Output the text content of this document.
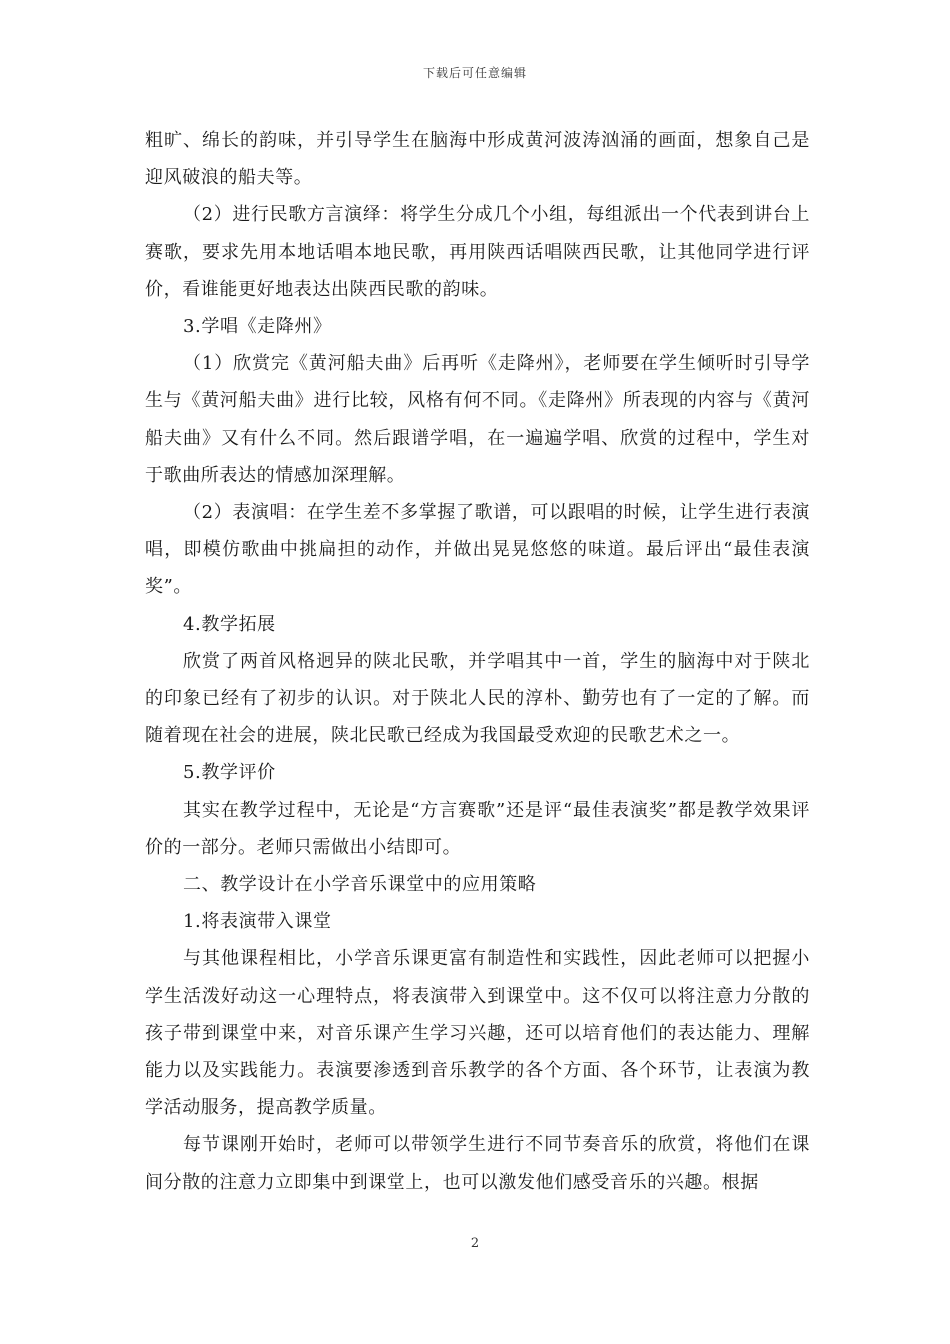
下载后可任意编辑

粗旷、绵长的韵味，并引导学生在脑海中形成黄河波涛汹涌的画面，想象自己是迎风破浪的船夫等。

（2）进行民歌方言演绎：将学生分成几个小组，每组派出一个代表到讲台上赛歌，要求先用本地话唱本地民歌，再用陕西话唱陕西民歌，让其他同学进行评价，看谁能更好地表达出陕西民歌的韵味。

3.学唱《走降州》

（1）欣赏完《黄河船夫曲》后再听《走降州》，老师要在学生倾听时引导学生与《黄河船夫曲》进行比较，风格有何不同。《走降州》所表现的内容与《黄河船夫曲》又有什么不同。然后跟谱学唱，在一遍遍学唱、欣赏的过程中，学生对于歌曲所表达的情感加深理解。

（2）表演唱：在学生差不多掌握了歌谱，可以跟唱的时候，让学生进行表演唱，即模仿歌曲中挑扁担的动作，并做出晃晃悠悠的味道。最后评出“最佳表演奖”。

4.教学拓展

欣赏了两首风格迥异的陕北民歌，并学唱其中一首，学生的脑海中对于陕北的印象已经有了初步的认识。对于陕北人民的淳朴、勤劳也有了一定的了解。而随着现在社会的进展，陕北民歌已经成为我国最受欢迎的民歌艺术之一。

5.教学评价

其实在教学过程中，无论是“方言赛歌”还是评“最佳表演奖”都是教学效果评价的一部分。老师只需做出小结即可。

二、教学设计在小学音乐课堂中的应用策略

1.将表演带入课堂

与其他课程相比，小学音乐课更富有制造性和实践性，因此老师可以把握小学生活泼好动这一心理特点，将表演带入到课堂中。这不仅可以将注意力分散的孩子带到课堂中来，对音乐课产生学习兴趣，还可以培育他们的表达能力、理解能力以及实践能力。表演要渗透到音乐教学的各个方面、各个环节，让表演为教学活动服务，提高教学质量。

每节课刚开始时，老师可以带领学生进行不同节奏音乐的欣赏，将他们在课间分散的注意力立即集中到课堂上，也可以激发他们感受音乐的兴趣。根据

2
